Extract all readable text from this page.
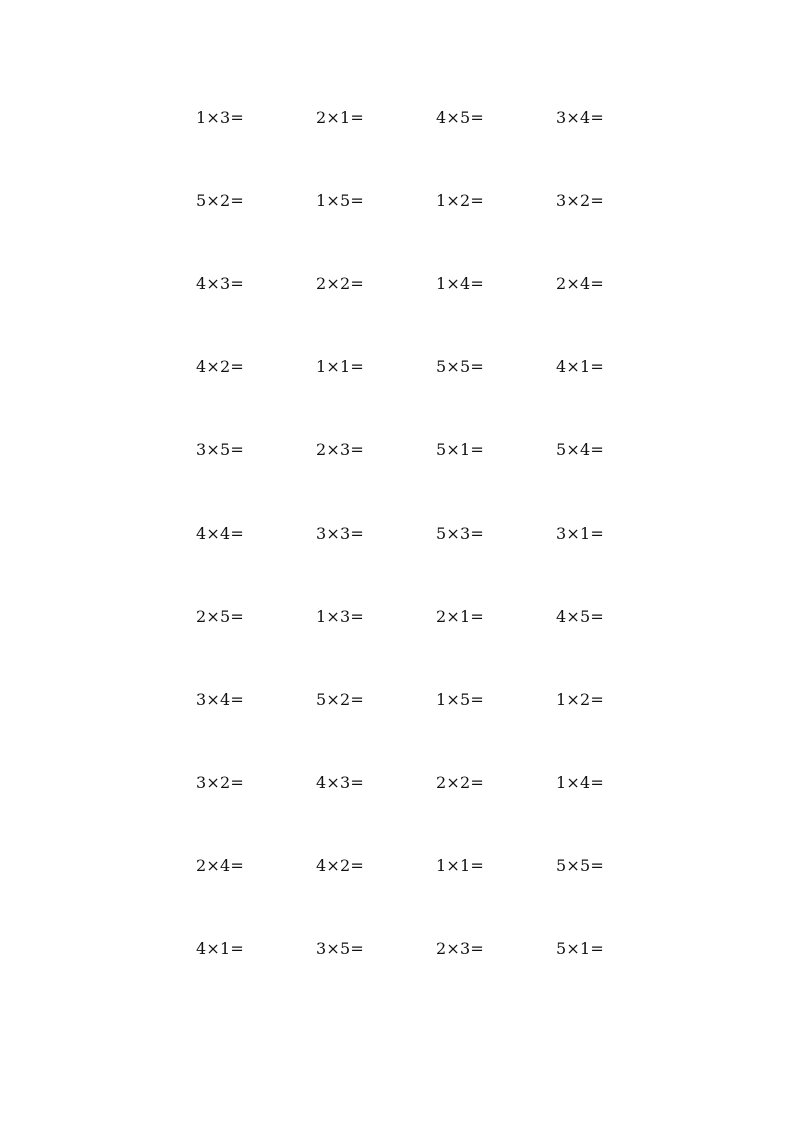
1×3=	2×1=	4×5=	3×4=
5×2=	1×5=	1×2=	3×2=
4×3=	2×2=	1×4=	2×4=
4×2=	1×1=	5×5=	4×1=
3×5=	2×3=	5×1=	5×4=
4×4=	3×3=	5×3=	3×1=
2×5=	1×3=	2×1=	4×5=
3×4=	5×2=	1×5=	1×2=
3×2=	4×3=	2×2=	1×4=
2×4=	4×2=	1×1=	5×5=
4×1=	3×5=	2×3=	5×1=
